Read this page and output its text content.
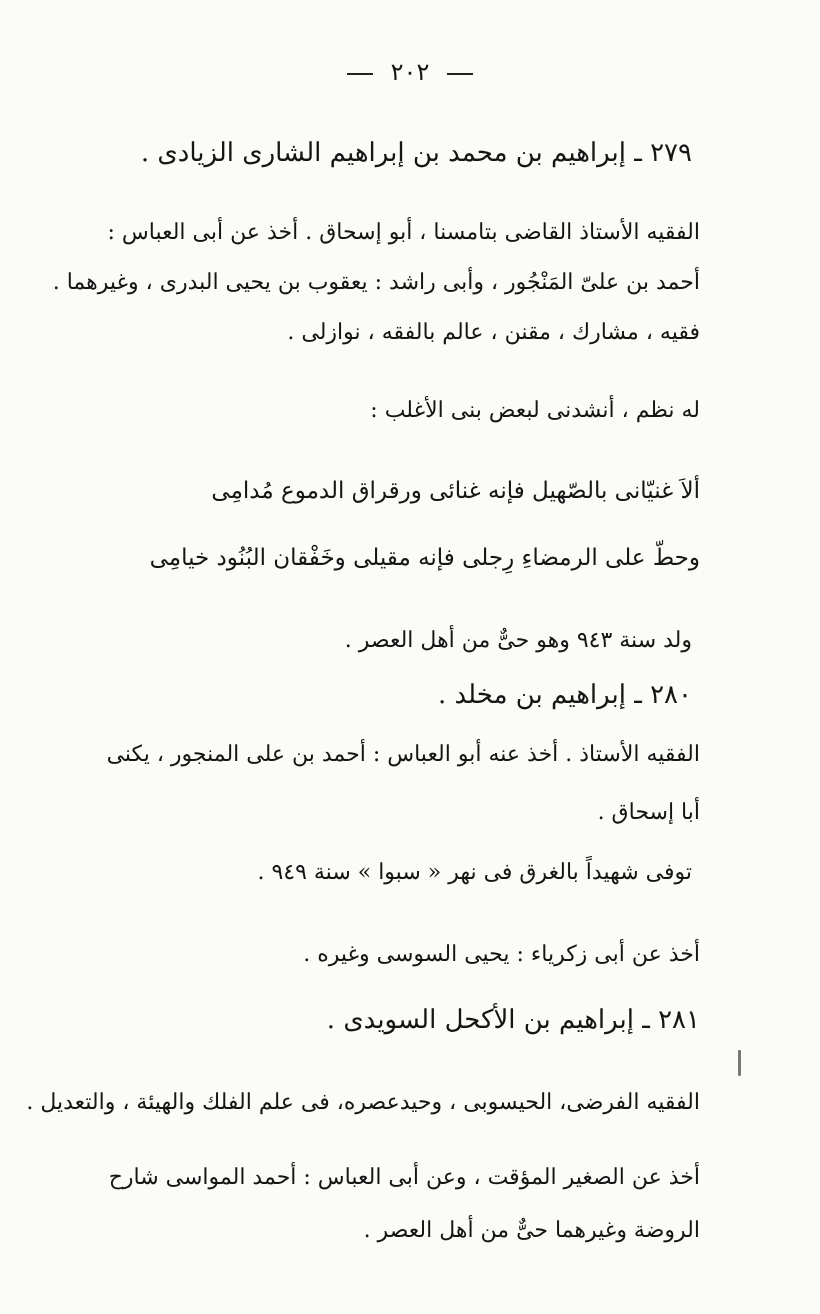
٢٠٢
٢٧٩ ـ إبراهيم بن محمد بن إبراهيم الشارى الزيادى .
الفقيه الأستاذ القاضى بتامسنا ، أبو إسحاق . أخذ عن أبى العباس :
أحمد بن علىّ المَنْجُور ، وأبى راشد : يعقوب بن يحيى البدرى ، وغيرهما .
فقيه ، مشارك ، مقنن ، عالم بالفقه ، نوازلى .
له نظم ، أنشدنى لبعض بنى الأغلب :
ألاَ غنيّانى بالصّهيل فإنه غنائى ورقراق الدموع مُدامِى
وحطّ على الرمضاءِ رِجلى فإنه مقيلى وخَفْقان البُنُود خيامِى
ولد سنة ٩٤٣ وهو حىٌّ من أهل العصر .
٢٨٠ ـ إبراهيم بن مخلد .
الفقيه الأستاذ . أخذ عنه أبو العباس : أحمد بن على المنجور ، يكنى
أبا إسحاق .
توفى شهيداً بالغرق فى نهر « سبوا » سنة ٩٤٩ .
أخذ عن أبى زكرياء : يحيى السوسى وغيره .
٢٨١ ـ إبراهيم بن الأكحل السويدى .
الفقيه الفرضى، الحيسوبى ، وحيدعصره، فى علم الفلك والهيئة ، والتعديل .
أخذ عن الصغير المؤقت ، وعن أبى العباس : أحمد المواسى شارح
الروضة وغيرهما حىٌّ من أهل العصر .
